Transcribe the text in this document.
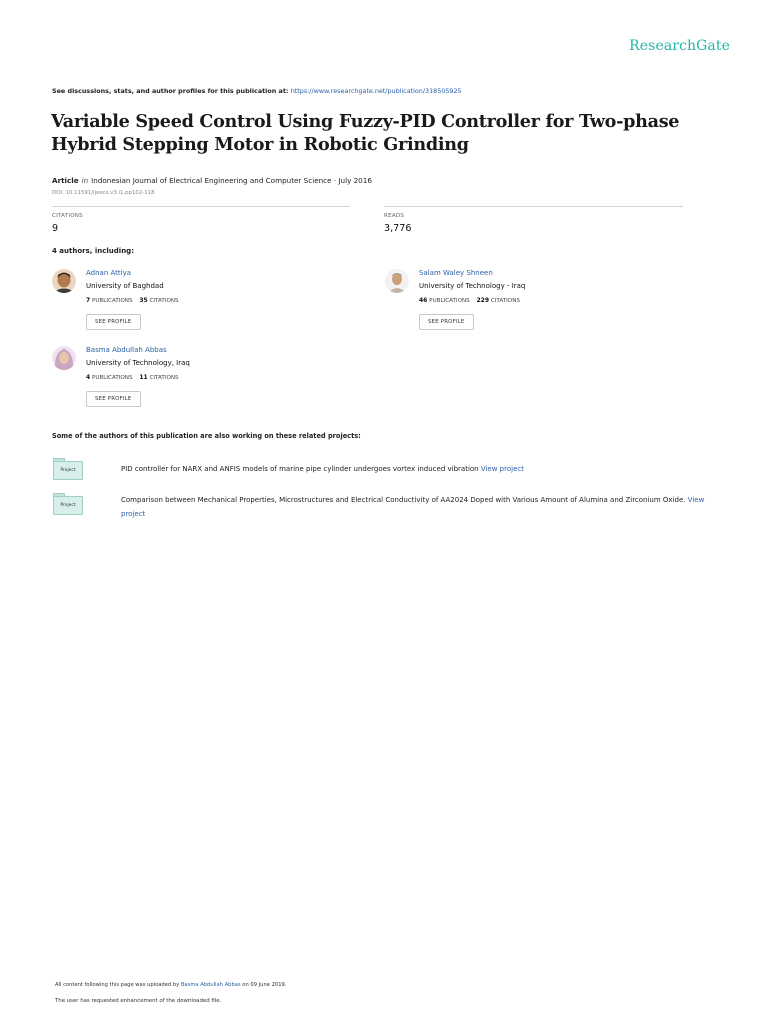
ResearchGate
See discussions, stats, and author profiles for this publication at: https://www.researchgate.net/publication/318505925
Variable Speed Control Using Fuzzy-PID Controller for Two-phase Hybrid Stepping Motor in Robotic Grinding
Article in Indonesian Journal of Electrical Engineering and Computer Science · July 2016
DOI: 10.11591/ijeecs.v3.i1.pp102-118
CITATIONS
9
READS
3,776
4 authors, including:
Adnan Attiya
University of Baghdad
7 PUBLICATIONS 35 CITATIONS
SEE PROFILE
Salam Waley Shneen
University of Technology - Iraq
46 PUBLICATIONS 229 CITATIONS
SEE PROFILE
Basma Abdullah Abbas
University of Technology, Iraq
4 PUBLICATIONS 11 CITATIONS
SEE PROFILE
Some of the authors of this publication are also working on these related projects:
Project	PID controller for NARX and ANFIS models of marine pipe cylinder undergoes vortex induced vibration View project
Project
Comparison between Mechanical Properties, Microstructures and Electrical Conductivity of AA2024 Doped with Various Amount of Alumina and Zirconium Oxide. View project
All content following this page was uploaded by Basma Abdullah Abbas on 09 June 2019.
The user has requested enhancement of the downloaded file.
